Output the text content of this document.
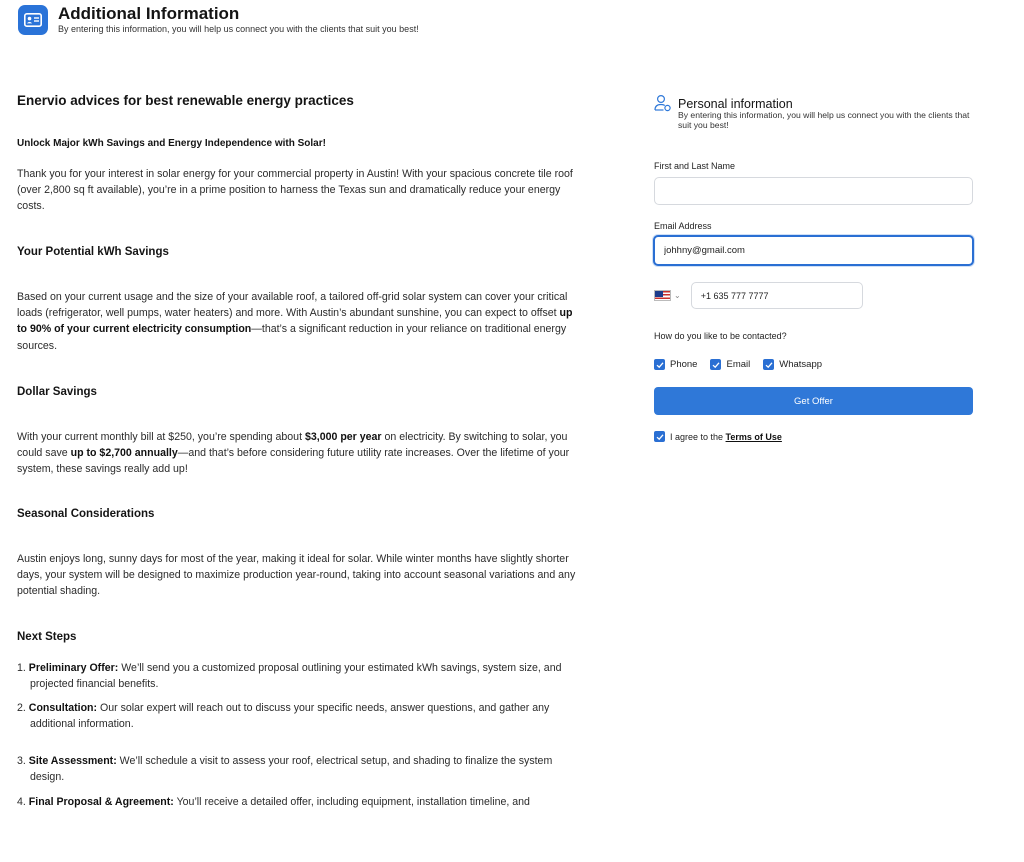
Additional Information
By entering this information, you will help us connect you with the clients that suit you best!
Enervio advices for best renewable energy practices
Unlock Major kWh Savings and Energy Independence with Solar!

Thank you for your interest in solar energy for your commercial property in Austin! With your spacious concrete tile roof (over 2,800 sq ft available), you’re in a prime position to harness the Texas sun and dramatically reduce your energy costs.

Your Potential kWh Savings

Based on your current usage and the size of your available roof, a tailored off-grid solar system can cover your critical loads (refrigerator, well pumps, water heaters) and more. With Austin’s abundant sunshine, you can expect to offset up to 90% of your current electricity consumption—that’s a significant reduction in your reliance on traditional energy sources.

Dollar Savings

With your current monthly bill at $250, you’re spending about $3,000 per year on electricity. By switching to solar, you could save up to $2,700 annually—and that’s before considering future utility rate increases. Over the lifetime of your system, these savings really add up!

Seasonal Considerations

Austin enjoys long, sunny days for most of the year, making it ideal for solar. While winter months have slightly shorter days, your system will be designed to maximize production year-round, taking into account seasonal variations and any potential shading.

Next Steps
1. Preliminary Offer: We’ll send you a customized proposal outlining your estimated kWh savings, system size, and projected financial benefits.
2. Consultation: Our solar expert will reach out to discuss your specific needs, answer questions, and gather any additional information.
3. Site Assessment: We’ll schedule a visit to assess your roof, electrical setup, and shading to finalize the system design.
4. Final Proposal & Agreement: You’ll receive a detailed offer, including equipment, installation timeline, and
Personal information
By entering this information, you will help us connect you with the clients that suit you best!
First and Last Name
Email Address
johhny@gmail.com
⌄	+1 635 777 7777
How do you like to be contacted?
Phone	Email	Whatsapp
Get Offer
I agree to the Terms of Use
